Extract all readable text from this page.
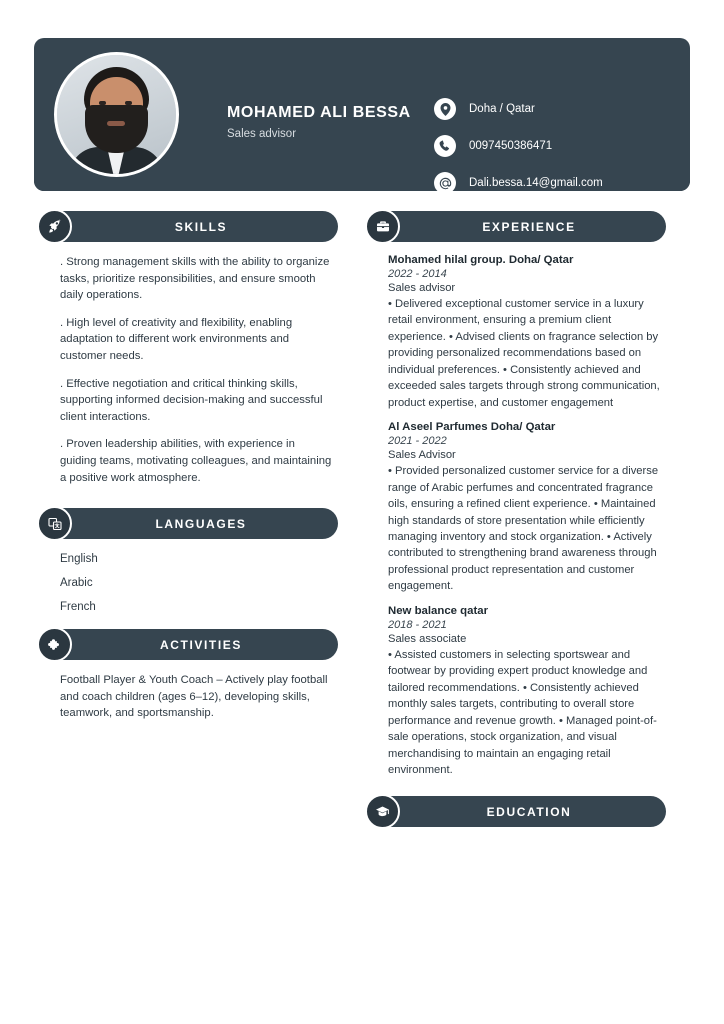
MOHAMED ALI BESSA
Sales advisor
Doha / Qatar
0097450386471
Dali.bessa.14@gmail.com
SKILLS

. Strong management skills with the ability to organize tasks, prioritize responsibilities, and ensure smooth daily operations.

. High level of creativity and flexibility, enabling adaptation to different work environments and customer needs.

. Effective negotiation and critical thinking skills, supporting informed decision-making and successful client interactions.

. Proven leadership abilities, with experience in guiding teams, motivating colleagues, and maintaining a positive work atmosphere.

LANGUAGES
English
Arabic
French
ACTIVITIES

Football Player & Youth Coach – Actively play football and coach children (ages 6–12), developing skills, teamwork, and sportsmanship.

EXPERIENCE

Mohamed hilal group. Doha/ Qatar

2022 - 2014

Sales advisor

• Delivered exceptional customer service in a luxury retail environment, ensuring a premium client experience. • Advised clients on fragrance selection by providing personalized recommendations based on individual preferences. • Consistently achieved and exceeded sales targets through strong communication, product expertise, and customer engagement

Al Aseel Parfumes Doha/ Qatar

2021 - 2022

Sales Advisor

• Provided personalized customer service for a diverse range of Arabic perfumes and concentrated fragrance oils, ensuring a refined client experience. • Maintained high standards of store presentation while efficiently managing inventory and stock organization. • Actively contributed to strengthening brand awareness through professional product representation and customer engagement.

New balance qatar

2018 - 2021

Sales associate

• Assisted customers in selecting sportswear and footwear by providing expert product knowledge and tailored recommendations. • Consistently achieved monthly sales targets, contributing to overall store performance and revenue growth. • Managed point-of-sale operations, stock organization, and visual merchandising to maintain an engaging retail environment.

EDUCATION
